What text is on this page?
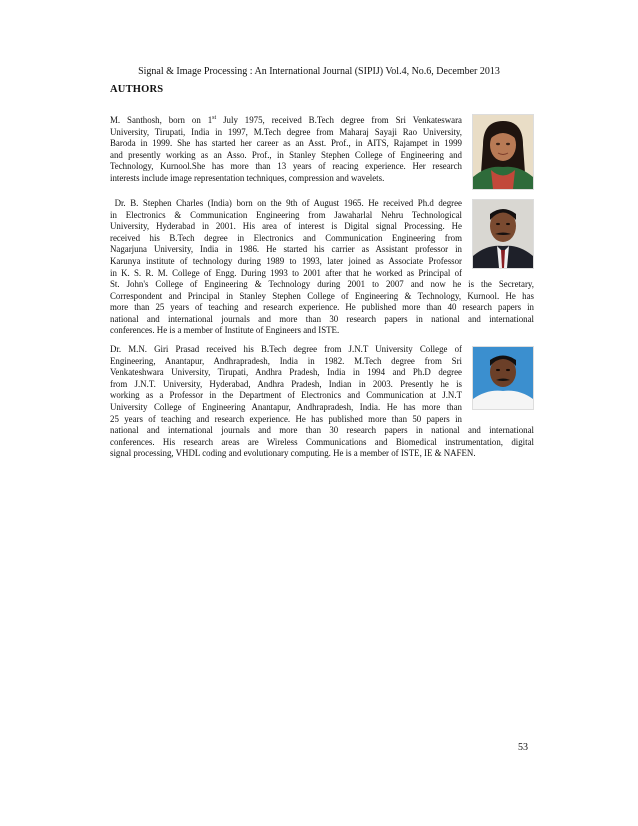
Signal & Image Processing : An International Journal (SIPIJ) Vol.4, No.6, December 2013
AUTHORS
M. Santhosh, born on 1st July 1975, received B.Tech degree from Sri Venkateswara
University, Tirupati, India in 1997, M.Tech degree from Maharaj Sayaji Rao University,
Baroda in 1999. She has started her career as an Asst. Prof., in AITS, Rajampet in 1999
and presently working as an Asso. Prof., in Stanley Stephen College of Engineering and
Technology, Kurnool.She has more than 13 years of reacing experience. Her research
interests include image representation techniques, compression and wavelets.
Dr. B. Stephen Charles (India) born on the 9th of August 1965. He received Ph.d degree
in Electronics & Communication Engineering from Jawaharlal Nehru Technological
University, Hyderabad in 2001. His area of interest is Digital signal Processing. He
received his B.Tech degree in Electronics and Communication Engineering from
Nagarjuna University, India in 1986. He started his carrier as Assistant professor in
Karunya institute of technology during 1989 to 1993, later joined as Associate Professor
in K. S. R. M. College of Engg. During 1993 to 2001 after that he worked as Principal of
St. John's College of Engineering & Technology during 2001 to 2007 and now he is the Secretary,
Correspondent and Principal in Stanley Stephen College of Engineering & Technology, Kurnool. He has
more than 25 years of teaching and research experience. He published more than 40 research papers in
national and international journals and more than 30 research papers in national and international
conferences. He is a member of Institute of Engineers and ISTE.
Dr. M.N. Giri Prasad received his B.Tech degree from J.N.T University College of
Engineering, Anantapur, Andhrapradesh, India in 1982. M.Tech degree from Sri
Venkateshwara University, Tirupati, Andhra Pradesh, India in 1994 and Ph.D degree
from J.N.T. University, Hyderabad, Andhra Pradesh, Indian in 2003. Presently he is
working as a Professor in the Department of Electronics and Communication at J.N.T
University College of Engineering Anantapur, Andhrapradesh, India. He has more than
25 years of teaching and research experience. He has published more than 50 papers in
national and international journals and more than 30 research papers in national and international
conferences. His research areas are Wireless Communications and Biomedical instrumentation, digital
signal processing, VHDL coding and evolutionary computing. He is a member of ISTE, IE & NAFEN.
53
